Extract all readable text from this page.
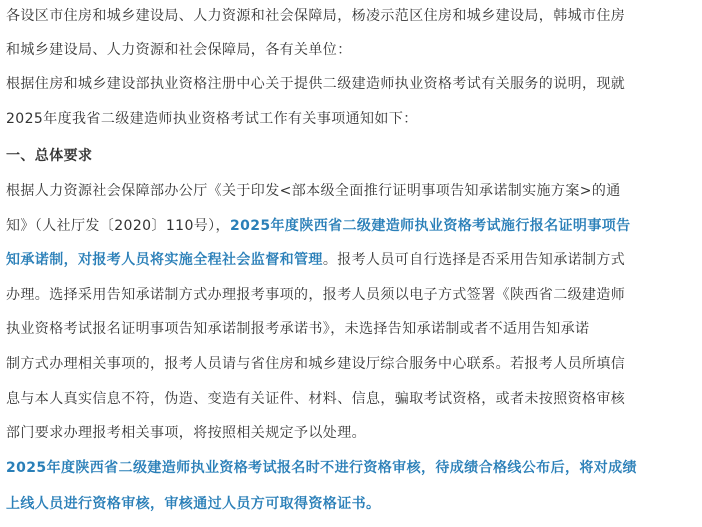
各设区市住房和城乡建设局、人力资源和社会保障局，杨凌示范区住房和城乡建设局，韩城市住房
和城乡建设局、人力资源和社会保障局，各有关单位：
根据住房和城乡建设部执业资格注册中心关于提供二级建造师执业资格考试有关服务的说明，现就
2025年度我省二级建造师执业资格考试工作有关事项通知如下：
一、总体要求
根据人力资源社会保障部办公厅《关于印发<部本级全面推行证明事项告知承诺制实施方案>的通
知》（人社厅发〔2020〕110号），2025年度陕西省二级建造师执业资格考试施行报名证明事项告
知承诺制，对报考人员将实施全程社会监督和管理。报考人员可自行选择是否采用告知承诺制方式
办理。选择采用告知承诺制方式办理报考事项的，报考人员须以电子方式签署《陕西省二级建造师
执业资格考试报名证明事项告知承诺制报考承诺书》，未选择告知承诺制或者不适用告知承诺
制方式办理相关事项的，报考人员请与省住房和城乡建设厅综合服务中心联系。若报考人员所填信
息与本人真实信息不符，伪造、变造有关证件、材料、信息，骗取考试资格，或者未按照资格审核
部门要求办理报考相关事项，将按照相关规定予以处理。
2025年度陕西省二级建造师执业资格考试报名时不进行资格审核，待成绩合格线公布后，将对成绩
上线人员进行资格审核，审核通过人员方可取得资格证书。
